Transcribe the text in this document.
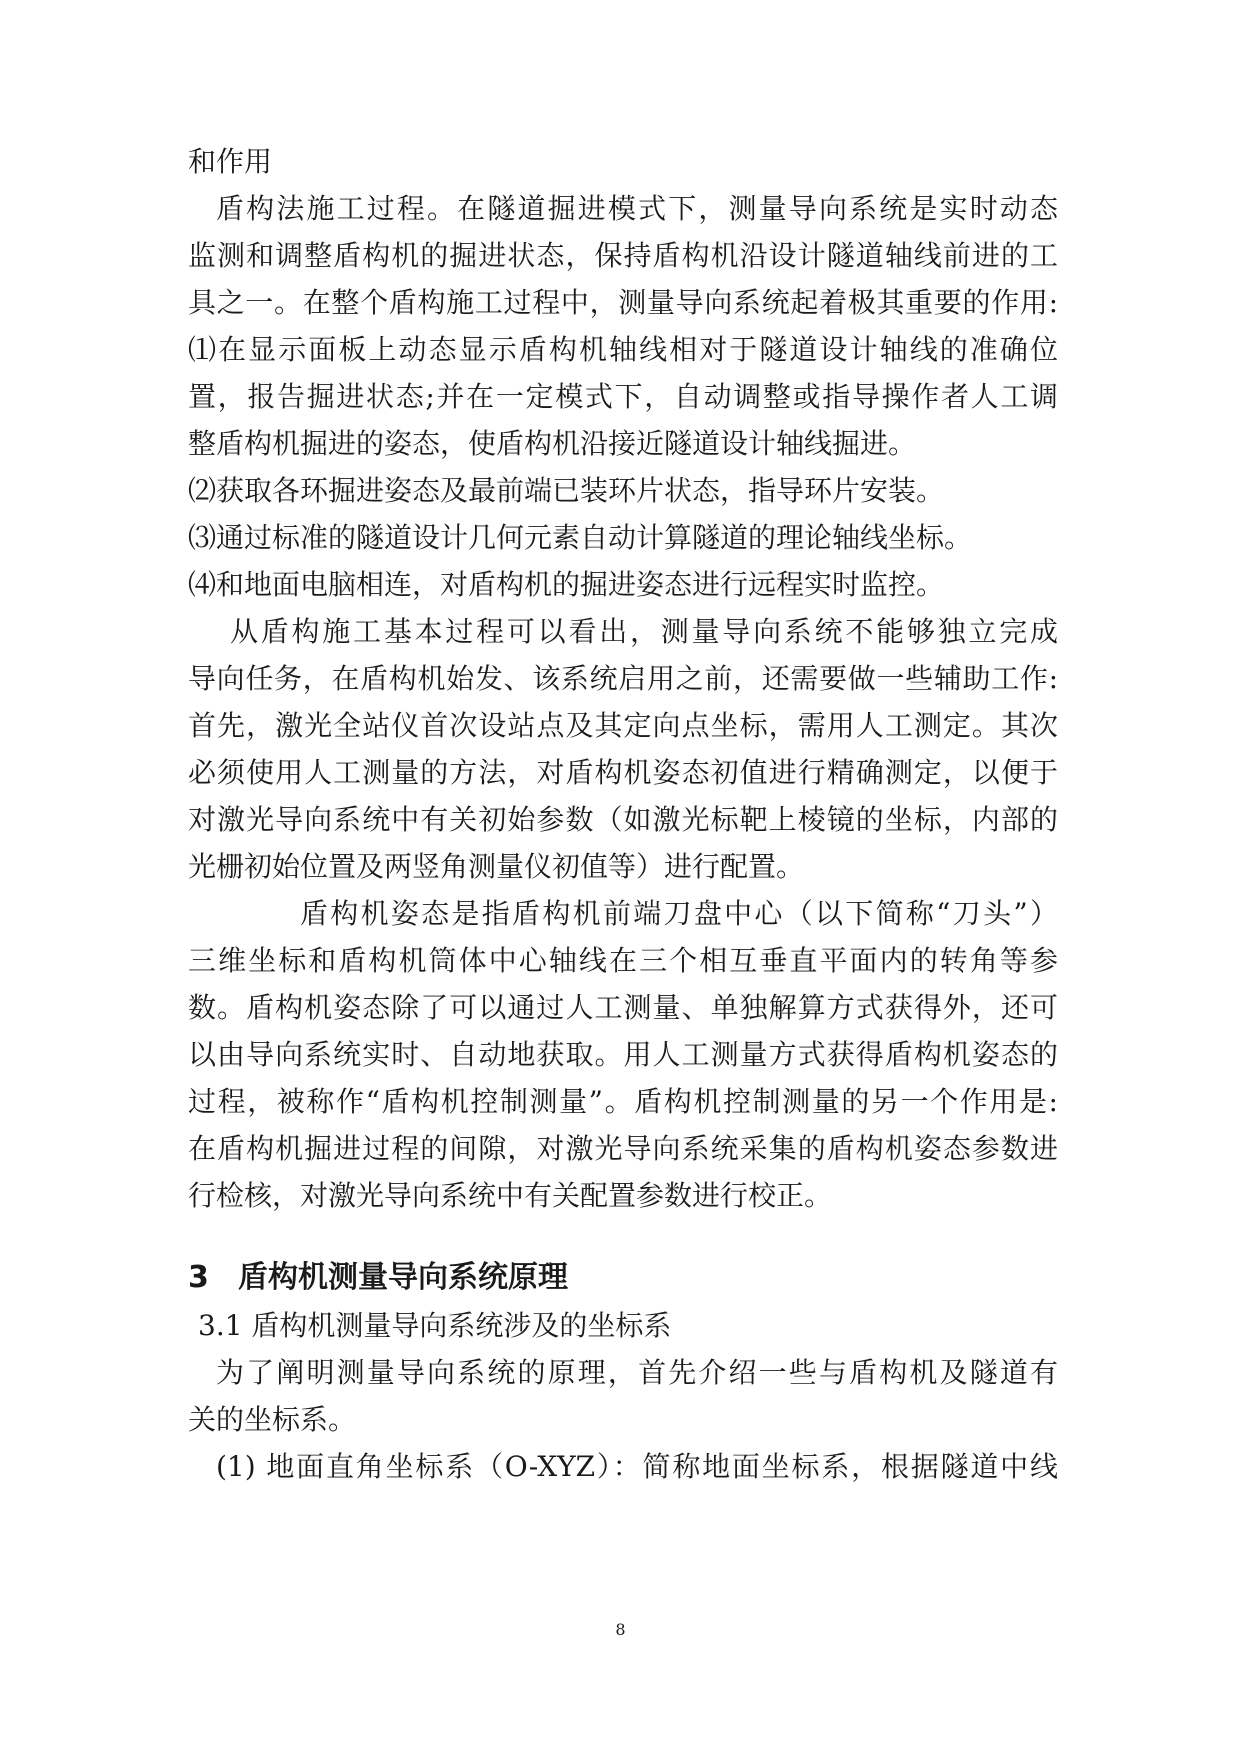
和作用
盾构法施工过程。在隧道掘进模式下，测量导向系统是实时动态
监测和调整盾构机的掘进状态，保持盾构机沿设计隧道轴线前进的工
具之一。在整个盾构施工过程中，测量导向系统起着极其重要的作用:
⑴在显示面板上动态显示盾构机轴线相对于隧道设计轴线的准确位
置，报告掘进状态;并在一定模式下，自动调整或指导操作者人工调
整盾构机掘进的姿态，使盾构机沿接近隧道设计轴线掘进。
⑵获取各环掘进姿态及最前端已装环片状态，指导环片安装。
⑶通过标准的隧道设计几何元素自动计算隧道的理论轴线坐标。
⑷和地面电脑相连，对盾构机的掘进姿态进行远程实时监控。
从盾构施工基本过程可以看出，测量导向系统不能够独立完成
导向任务，在盾构机始发、该系统启用之前，还需要做一些辅助工作:
首先，激光全站仪首次设站点及其定向点坐标，需用人工测定。其次
必须使用人工测量的方法，对盾构机姿态初值进行精确测定，以便于
对激光导向系统中有关初始参数（如激光标靶上棱镜的坐标，内部的
光栅初始位置及两竖角测量仪初值等）进行配置。
盾构机姿态是指盾构机前端刀盘中心（以下简称“刀头”）
三维坐标和盾构机筒体中心轴线在三个相互垂直平面内的转角等参
数。盾构机姿态除了可以通过人工测量、单独解算方式获得外，还可
以由导向系统实时、自动地获取。用人工测量方式获得盾构机姿态的
过程，被称作“盾构机控制测量”。盾构机控制测量的另一个作用是:
在盾构机掘进过程的间隙，对激光导向系统采集的盾构机姿态参数进
行检核，对激光导向系统中有关配置参数进行校正。
3 盾构机测量导向系统原理
3.1 盾构机测量导向系统涉及的坐标系
为了阐明测量导向系统的原理，首先介绍一些与盾构机及隧道有
关的坐标系。
(1) 地面直角坐标系（O-XYZ）：简称地面坐标系，根据隧道中线
8
